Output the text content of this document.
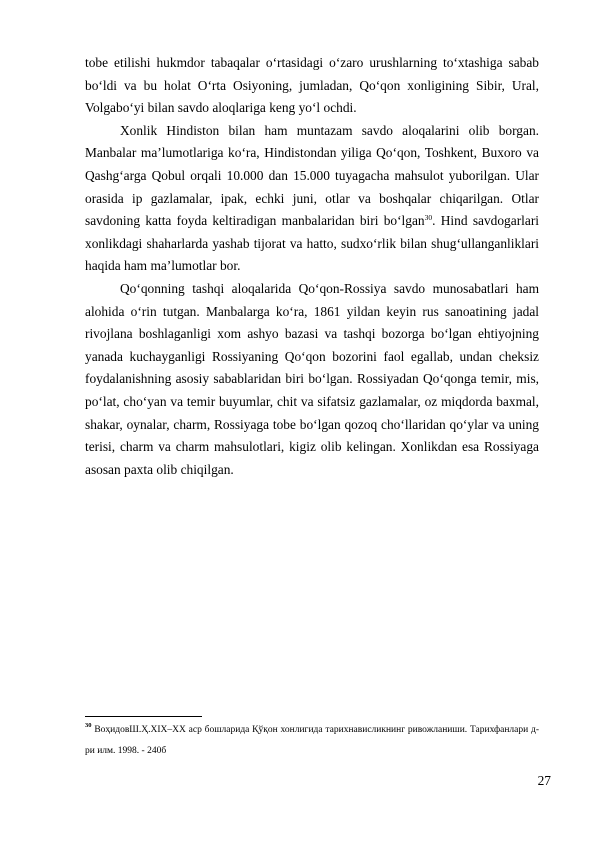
tobe etilishi hukmdor tabaqalar o‘rtasidagi o‘zaro urushlarning to‘xtashiga sabab bo‘ldi va bu holat O‘rta Osiyoning, jumladan, Qo‘qon xonligining Sibir, Ural, Volgabo‘yi bilan savdo aloqlariga keng yo‘l ochdi.

Xonlik Hindiston bilan ham muntazam savdo aloqalarini olib borgan. Manbalar ma’lumotlariga ko‘ra, Hindistondan yiliga Qo‘qon, Toshkent, Buxoro va Qashg‘arga Qobul orqali 10.000 dan 15.000 tuyagacha mahsulot yuborilgan. Ular orasida ip gazlamalar, ipak, echki juni, otlar va boshqalar chiqarilgan. Otlar savdoning katta foyda keltiradigan manbalaridan biri bo‘lgan$^{30}$. Hind savdogarlari xonlikdagi shaharlarda yashab tijorat va hatto, sudxo‘rlik bilan shug‘ullanganliklari haqida ham ma’lumotlar bor.

Qo‘qonning tashqi aloqalarida Qo‘qon-Rossiya savdo munosabatlari ham alohida o‘rin tutgan. Manbalarga ko‘ra, 1861 yildan keyin rus sanoatining jadal rivojlana boshlaganligi xom ashyo bazasi va tashqi bozorga bo‘lgan ehtiyojning yanada kuchayganligi Rossiyaning Qo‘qon bozorini faol egallab, undan cheksiz foydalanishning asosiy sabablaridan biri bo‘lgan. Rossiyadan Qo‘qonga temir, mis, po‘lat, cho‘yan va temir buyumlar, chit va sifatsiz gazlamalar, oz miqdorda baxmal, shakar, oynalar, charm, Rossiyaga tobe bo‘lgan qozoq cho‘llaridan qo‘ylar va uning terisi, charm va charm mahsulotlari, kigiz olib kelingan. Xonlikdan esa Rossiyaga asosan paxta olib chiqilgan.

$^{30}$ ВоҳидовШ.Ҳ.XIX–XX аср бошларида Қўқон хонлигида тарихнависликнинг ривожланиши. Тарихфанлари д-ри илм. 1998. - 240б
27
